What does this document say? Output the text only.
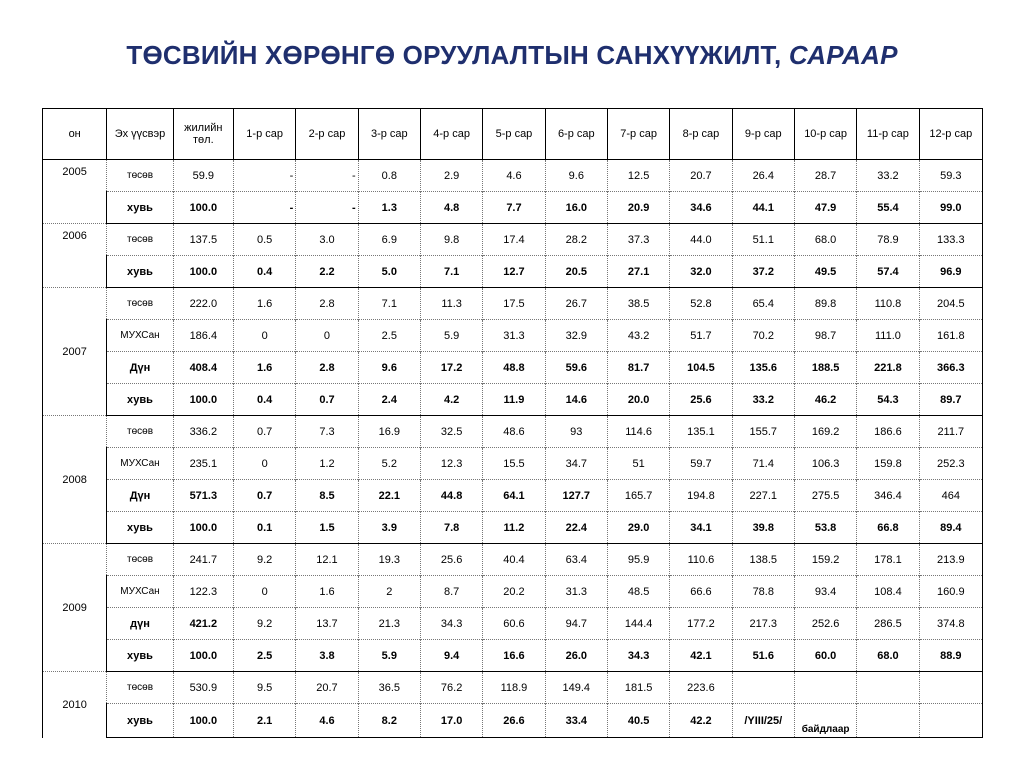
ТӨСВИЙН ХӨРӨНГӨ ОРУУЛАЛТЫН САНХҮҮЖИЛТ, САРААР
он	Эх үүсвэр	жилийн төл.	1-р сар	2-р сар	3-р сар	4-р сар	5-р сар	6-р сар	7-р сар	8-р сар	9-р сар	10-р сар	11-р сар	12-р сар
2005	төсөв	59.9	-	-	0.8	2.9	4.6	9.6	12.5	20.7	26.4	28.7	33.2	59.3
	хувь	100.0	-	-	1.3	4.8	7.7	16.0	20.9	34.6	44.1	47.9	55.4	99.0
2006	төсөв	137.5	0.5	3.0	6.9	9.8	17.4	28.2	37.3	44.0	51.1	68.0	78.9	133.3
	хувь	100.0	0.4	2.2	5.0	7.1	12.7	20.5	27.1	32.0	37.2	49.5	57.4	96.9
2007	төсөв	222.0	1.6	2.8	7.1	11.3	17.5	26.7	38.5	52.8	65.4	89.8	110.8	204.5
	МУХСан	186.4	0	0	2.5	5.9	31.3	32.9	43.2	51.7	70.2	98.7	111.0	161.8
	Дүн	408.4	1.6	2.8	9.6	17.2	48.8	59.6	81.7	104.5	135.6	188.5	221.8	366.3
	хувь	100.0	0.4	0.7	2.4	4.2	11.9	14.6	20.0	25.6	33.2	46.2	54.3	89.7
2008	төсөв	336.2	0.7	7.3	16.9	32.5	48.6	93	114.6	135.1	155.7	169.2	186.6	211.7
	МУХСан	235.1	0	1.2	5.2	12.3	15.5	34.7	51	59.7	71.4	106.3	159.8	252.3
	Дүн	571.3	0.7	8.5	22.1	44.8	64.1	127.7	165.7	194.8	227.1	275.5	346.4	464
	хувь	100.0	0.1	1.5	3.9	7.8	11.2	22.4	29.0	34.1	39.8	53.8	66.8	89.4
2009	төсөв	241.7	9.2	12.1	19.3	25.6	40.4	63.4	95.9	110.6	138.5	159.2	178.1	213.9
	МУХСан	122.3	0	1.6	2	8.7	20.2	31.3	48.5	66.6	78.8	93.4	108.4	160.9
	дүн	421.2	9.2	13.7	21.3	34.3	60.6	94.7	144.4	177.2	217.3	252.6	286.5	374.8
	хувь	100.0	2.5	3.8	5.9	9.4	16.6	26.0	34.3	42.1	51.6	60.0	68.0	88.9
2010	төсөв	530.9	9.5	20.7	36.5	76.2	118.9	149.4	181.5	223.6				
	хувь	100.0	2.1	4.6	8.2	17.0	26.6	33.4	40.5	42.2	/YIII/25/	байдлаар		
